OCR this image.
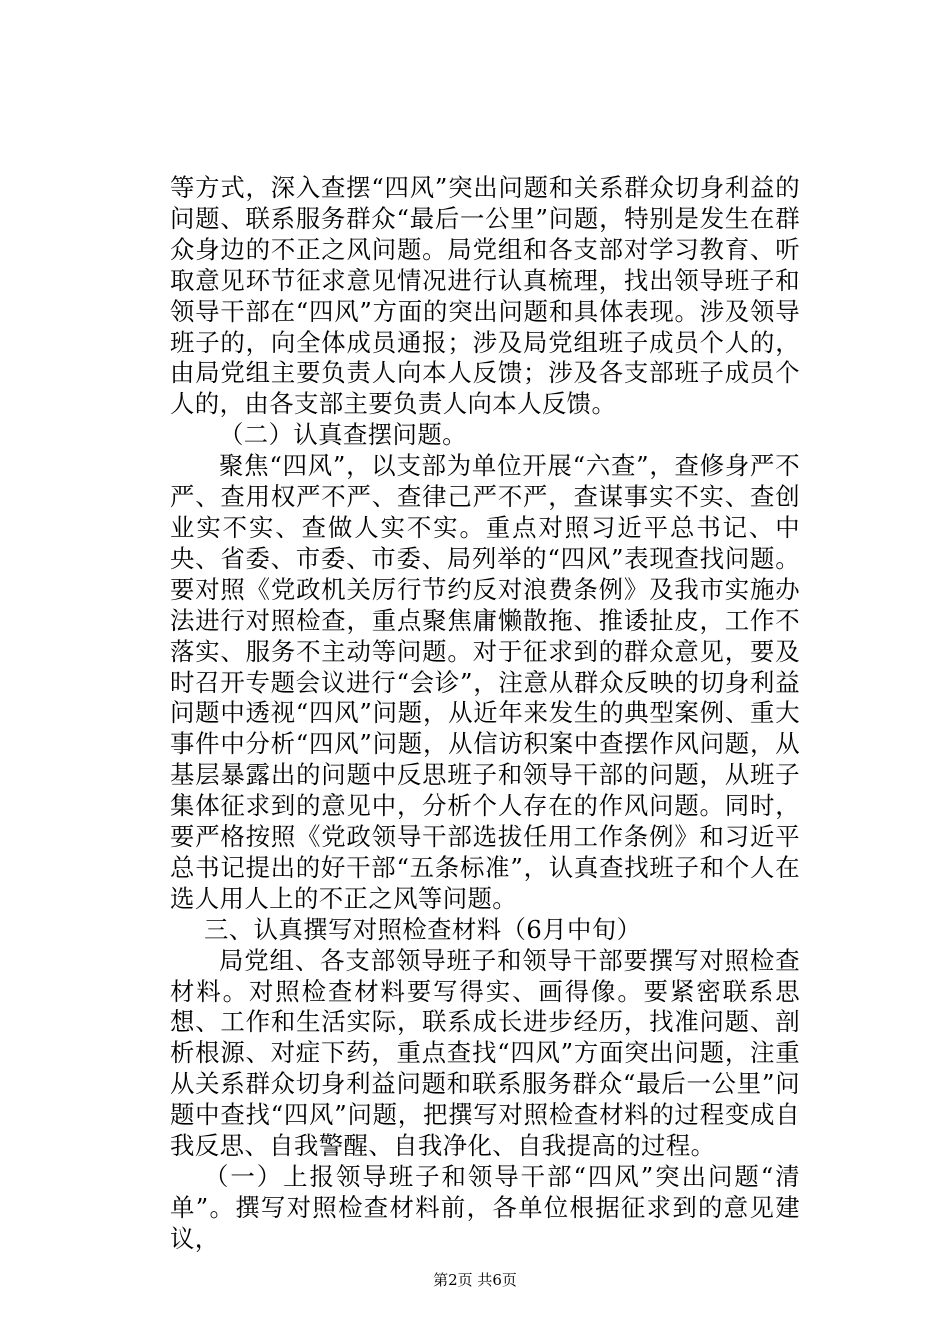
等方式，深入查摆“四风”突出问题和关系群众切身利益的问题、联系服务群众“最后一公里”问题，特别是发生在群众身边的不正之风问题。局党组和各支部对学习教育、听取意见环节征求意见情况进行认真梳理，找出领导班子和领导干部在“四风”方面的突出问题和具体表现。涉及领导班子的，向全体成员通报；涉及局党组班子成员个人的，由局党组主要负责人向本人反馈；涉及各支部班子成员个人的，由各支部主要负责人向本人反馈。

（二）认真查摆问题。

聚焦“四风”，以支部为单位开展“六查”，查修身严不严、查用权严不严、查律己严不严，查谋事实不实、查创业实不实、查做人实不实。重点对照习近平总书记、中央、省委、市委、市委、局列举的“四风”表现查找问题。要对照《党政机关厉行节约反对浪费条例》及我市实施办法进行对照检查，重点聚焦庸懒散拖、推诿扯皮，工作不落实、服务不主动等问题。对于征求到的群众意见，要及时召开专题会议进行“会诊”，注意从群众反映的切身利益问题中透视“四风”问题，从近年来发生的典型案例、重大事件中分析“四风”问题，从信访积案中查摆作风问题，从基层暴露出的问题中反思班子和领导干部的问题，从班子集体征求到的意见中，分析个人存在的作风问题。同时，要严格按照《党政领导干部选拔任用工作条例》和习近平总书记提出的好干部“五条标准”，认真查找班子和个人在选人用人上的不正之风等问题。

三、认真撰写对照检查材料（6月中旬）

局党组、各支部领导班子和领导干部要撰写对照检查材料。对照检查材料要写得实、画得像。要紧密联系思想、工作和生活实际，联系成长进步经历，找准问题、剖析根源、对症下药，重点查找“四风”方面突出问题，注重从关系群众切身利益问题和联系服务群众“最后一公里”问题中查找“四风”问题，把撰写对照检查材料的过程变成自我反思、自我警醒、自我净化、自我提高的过程。

（一）上报领导班子和领导干部“四风”突出问题“清单”。撰写对照检查材料前，各单位根据征求到的意见建议，

第2页 共6页
